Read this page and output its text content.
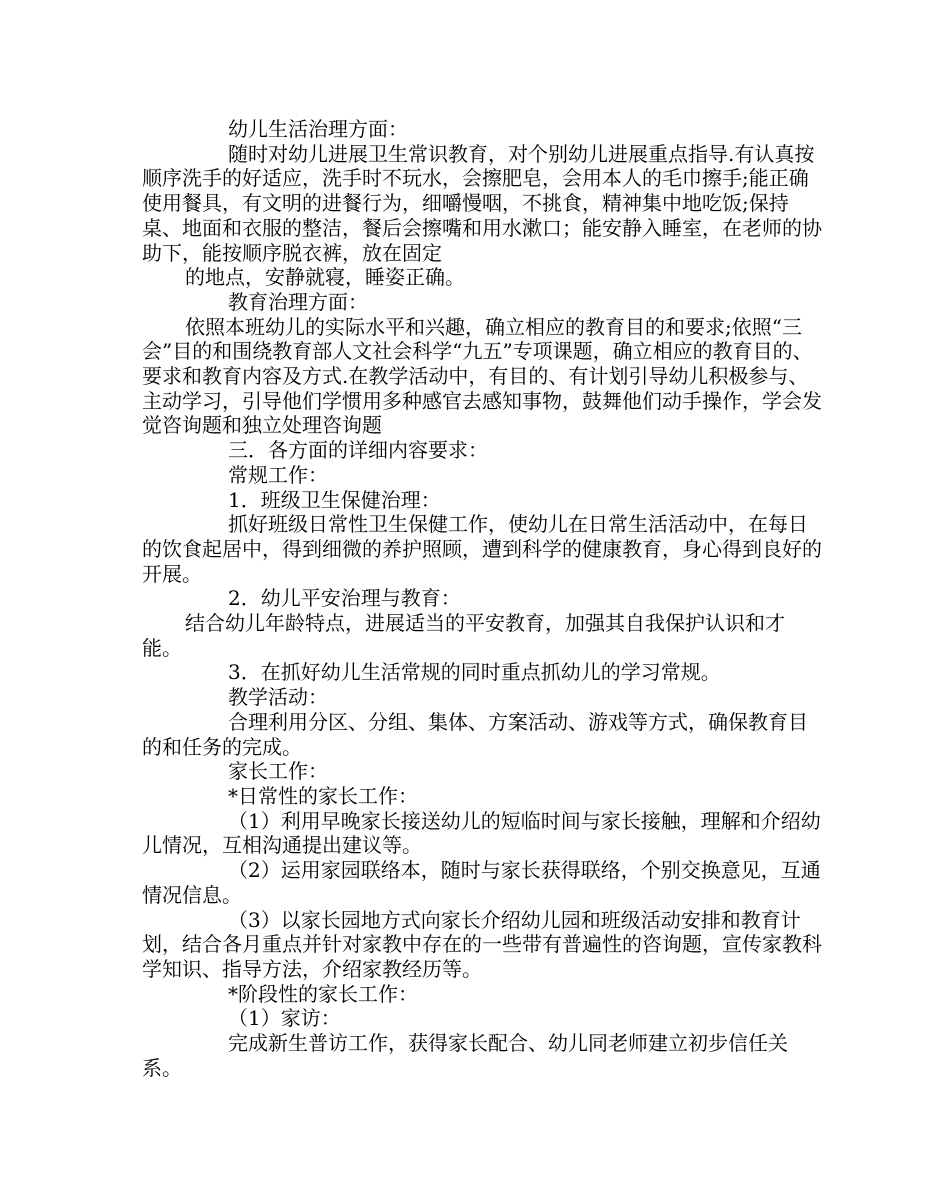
幼儿生活治理方面：

随时对幼儿进展卫生常识教育，对个别幼儿进展重点指导.有认真按顺序洗手的好适应，洗手时不玩水，会擦肥皂，会用本人的毛巾擦手;能正确使用餐具，有文明的进餐行为，细嚼慢咽，不挑食，精神集中地吃饭;保持桌、地面和衣服的整洁，餐后会擦嘴和用水漱口；能安静入睡室，在老师的协助下，能按顺序脱衣裤，放在固定

的地点，安静就寝，睡姿正确。

教育治理方面：

依照本班幼儿的实际水平和兴趣，确立相应的教育目的和要求;依照“三会”目的和围绕教育部人文社会科学“九五”专项课题，确立相应的教育目的、要求和教育内容及方式.在教学活动中，有目的、有计划引导幼儿积极参与、主动学习，引导他们学惯用多种感官去感知事物，鼓舞他们动手操作，学会发觉咨询题和独立处理咨询题

三．各方面的详细内容要求：

常规工作：

1．班级卫生保健治理：

抓好班级日常性卫生保健工作，使幼儿在日常生活活动中，在每日的饮食起居中，得到细微的养护照顾，遭到科学的健康教育，身心得到良好的开展。

2．幼儿平安治理与教育：

结合幼儿年龄特点，进展适当的平安教育，加强其自我保护认识和才能。

3．在抓好幼儿生活常规的同时重点抓幼儿的学习常规。

教学活动：

合理利用分区、分组、集体、方案活动、游戏等方式，确保教育目的和任务的完成。

家长工作：

*日常性的家长工作：

（1）利用早晚家长接送幼儿的短临时间与家长接触，理解和介绍幼儿情况，互相沟通提出建议等。

（2）运用家园联络本，随时与家长获得联络，个别交换意见，互通情况信息。

（3）以家长园地方式向家长介绍幼儿园和班级活动安排和教育计划，结合各月重点并针对家教中存在的一些带有普遍性的咨询题，宣传家教科学知识、指导方法，介绍家教经历等。

*阶段性的家长工作：

（1）家访：

完成新生普访工作，获得家长配合、幼儿同老师建立初步信任关系。
